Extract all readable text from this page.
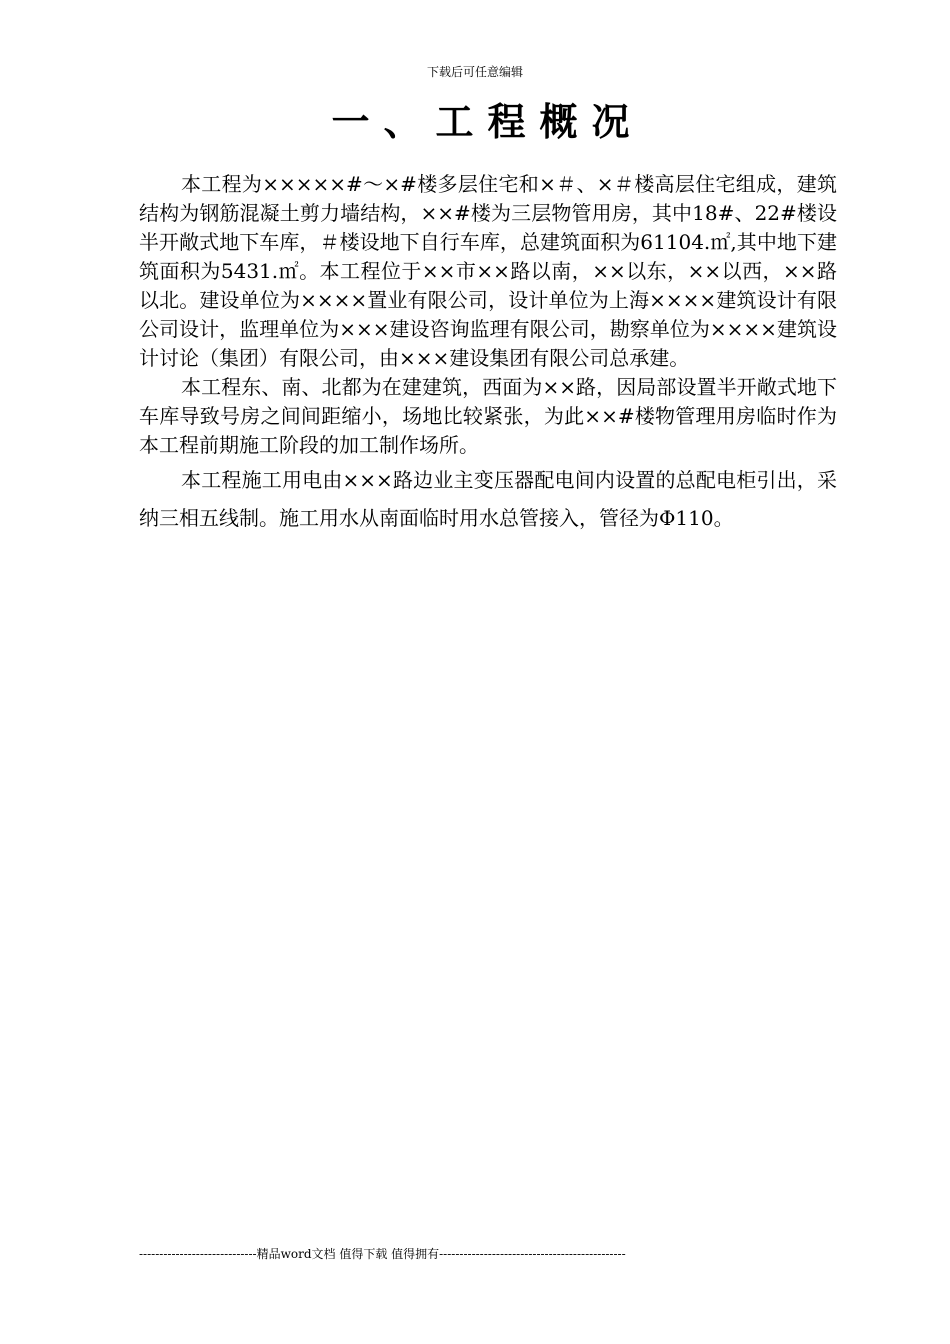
下载后可任意编辑
一、工程概况

本工程为×××××#～×#楼多层住宅和×＃、×＃楼高层住宅组成，建筑结构为钢筋混凝土剪力墙结构，××#楼为三层物管用房，其中18#、22#楼设半开敞式地下车库，＃楼设地下自行车库，总建筑面积为61104.㎡,其中地下建筑面积为5431.㎡。本工程位于××市××路以南，××以东，××以西，××路以北。建设单位为××××置业有限公司，设计单位为上海××××建筑设计有限公司设计，监理单位为×××建设咨询监理有限公司，勘察单位为××××建筑设计讨论（集团）有限公司，由×××建设集团有限公司总承建。

本工程东、南、北都为在建建筑，西面为××路，因局部设置半开敞式地下车库导致号房之间间距缩小，场地比较紧张，为此××#楼物管理用房临时作为本工程前期施工阶段的加工制作场所。

本工程施工用电由×××路边业主变压器配电间内设置的总配电柜引出，采纳三相五线制。施工用水从南面临时用水总管接入，管径为Φ110。

-----------------------------精品word文档 值得下载 值得拥有----------------------------------------------
